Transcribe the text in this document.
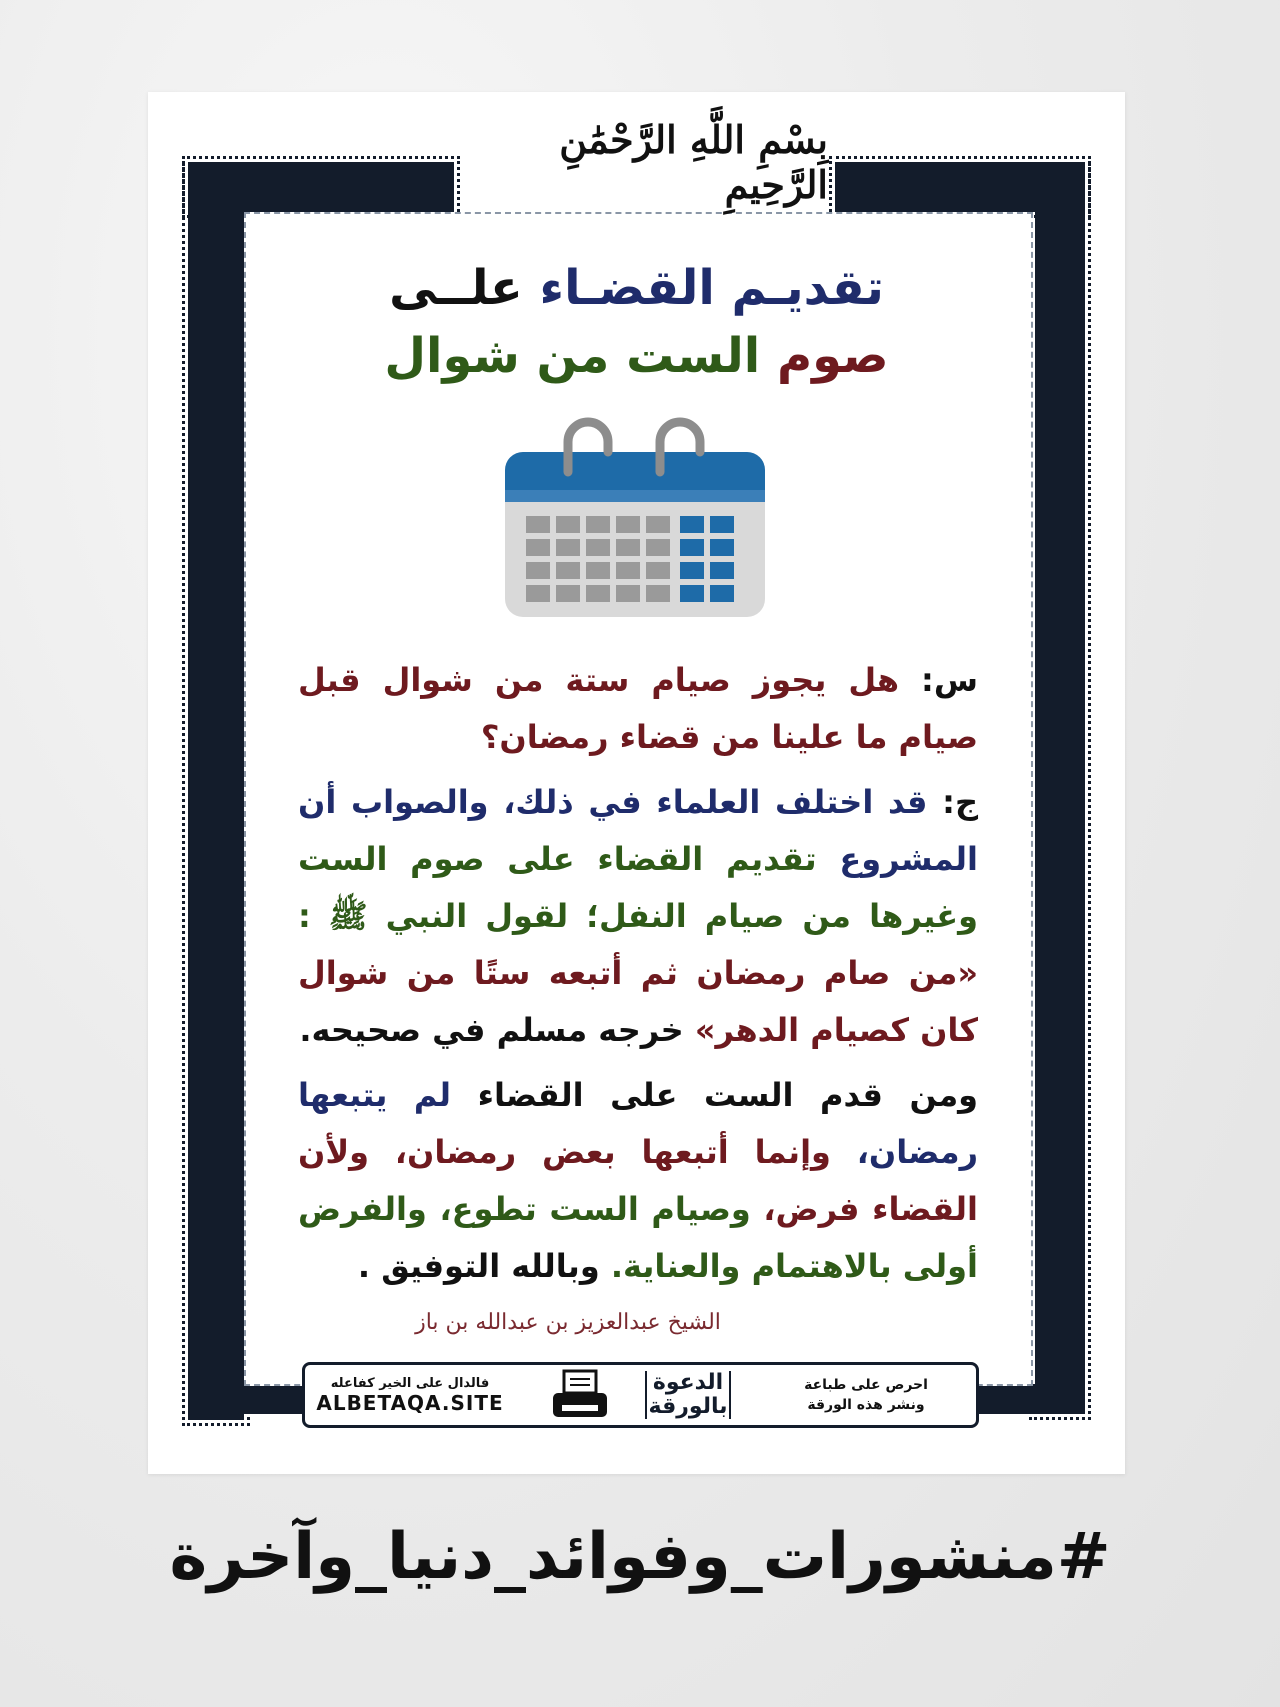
بِسْمِ اللَّهِ الرَّحْمَٰنِ الرَّحِيمِ
تقديـم القضـاء علــى
صوم الست من شوال

س: هل يجوز صيام ستة من شوال قبل صيام ما علينا من قضاء رمضان؟

ج: قد اختلف العلماء في ذلك، والصواب أن المشروع تقديم القضاء على صوم الست وغيرها من صيام النفل؛ لقول النبي ﷺ : «من صام رمضان ثم أتبعه ستًا من شوال كان كصيام الدهر» خرجه مسلم في صحيحه.

ومن قدم الست على القضاء لم يتبعها رمضان، وإنما أتبعها بعض رمضان، ولأن القضاء فرض، وصيام الست تطوع، والفرض أولى بالاهتمام والعناية. وبالله التوفيق .

الشيخ عبدالعزيز بن عبدالله بن باز
فالدال على الخير كفاعله
ALBETAQA.SITE
الدعوة
بالورقة
احرص على طباعة
ونشر هذه الورقة
#منشورات_وفوائد_دنيا_وآخرة
